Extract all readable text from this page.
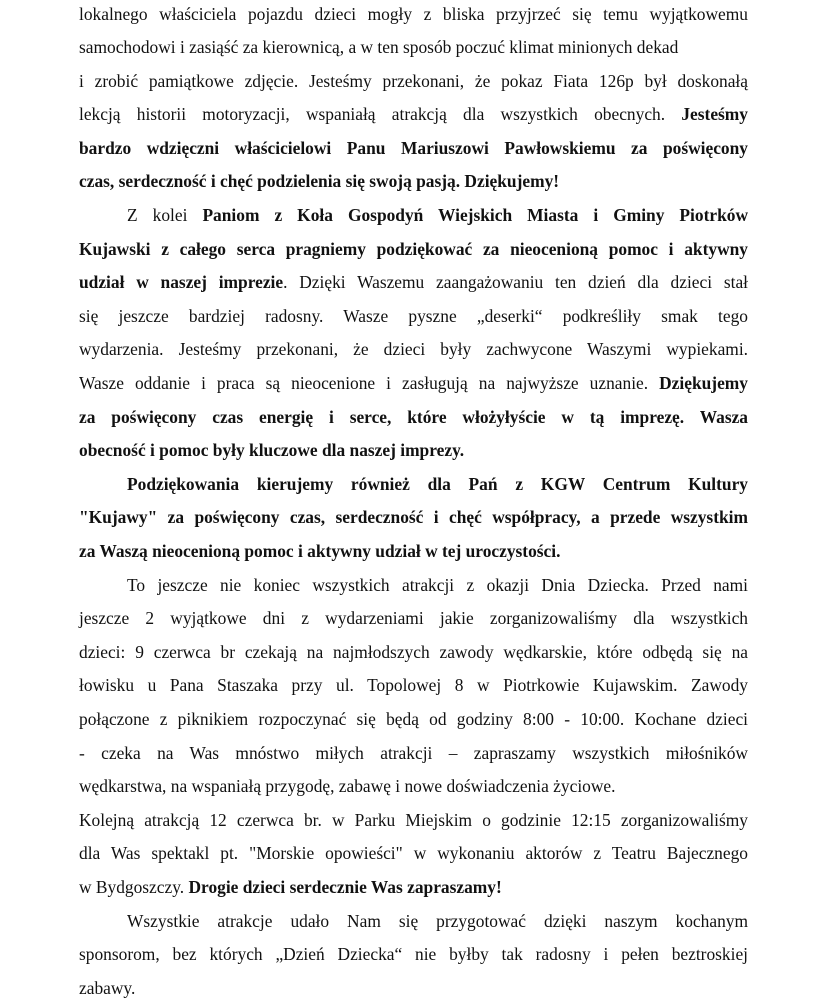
lokalnego właściciela pojazdu dzieci mogły z bliska przyjrzeć się temu wyjątkowemu
samochodowi i zasiąść za kierownicą, a w ten sposób poczuć klimat minionych dekad
i zrobić pamiątkowe zdjęcie. Jesteśmy przekonani, że pokaz Fiata 126p był doskonałą
lekcją historii motoryzacji, wspaniałą atrakcją dla wszystkich obecnych. Jesteśmy
bardzo wdzięczni właścicielowi Panu Mariuszowi Pawłowskiemu za poświęcony
czas, serdeczność i chęć podzielenia się swoją pasją. Dziękujemy!
Z kolei Paniom z Koła Gospodyń Wiejskich Miasta i Gminy Piotrków
Kujawski z całego serca pragniemy podziękować za nieocenioną pomoc i aktywny
udział w naszej imprezie. Dzięki Waszemu zaangażowaniu ten dzień dla dzieci stał
się jeszcze bardziej radosny. Wasze pyszne „deserki“ podkreśliły smak tego
wydarzenia. Jesteśmy przekonani, że dzieci były zachwycone Waszymi wypiekami.
Wasze oddanie i praca są nieocenione i zasługują na najwyższe uznanie. Dziękujemy
za poświęcony czas energię i serce, które włożyłyście w tą imprezę. Wasza
obecność i pomoc były kluczowe dla naszej imprezy.
Podziękowania kierujemy również dla Pań z KGW Centrum Kultury
"Kujawy" za poświęcony czas, serdeczność i chęć współpracy, a przede wszystkim
za Waszą nieocenioną pomoc i aktywny udział w tej uroczystości.
To jeszcze nie koniec wszystkich atrakcji z okazji Dnia Dziecka. Przed nami
jeszcze 2 wyjątkowe dni z wydarzeniami jakie zorganizowaliśmy dla wszystkich
dzieci: 9 czerwca br czekają na najmłodszych zawody wędkarskie, które odbędą się na
łowisku u Pana Staszaka przy ul. Topolowej 8 w Piotrkowie Kujawskim. Zawody
połączone z piknikiem rozpoczynać się będą od godziny 8:00 - 10:00. Kochane dzieci
- czeka na Was mnóstwo miłych atrakcji – zapraszamy wszystkich miłośników
wędkarstwa, na wspaniałą przygodę, zabawę i nowe doświadczenia życiowe.
Kolejną atrakcją 12 czerwca br. w Parku Miejskim o godzinie 12:15 zorganizowaliśmy
dla Was spektakl pt. "Morskie opowieści" w wykonaniu aktorów z Teatru Bajecznego
w Bydgoszczy. Drogie dzieci serdecznie Was zapraszamy!
Wszystkie atrakcje udało Nam się przygotować dzięki naszym kochanym
sponsorom, bez których „Dzień Dziecka“ nie byłby tak radosny i pełen beztroskiej
zabawy.
